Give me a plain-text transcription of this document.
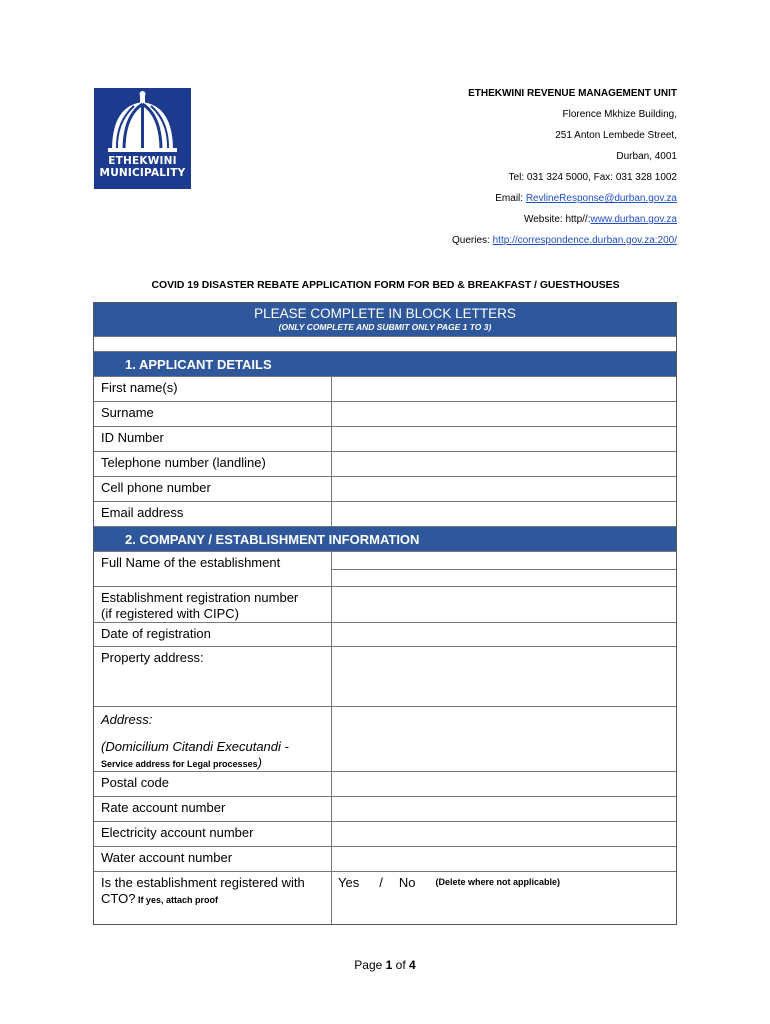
ETHEKWINI
MUNICIPALITY
ETHEKWINI REVENUE MANAGEMENT UNIT
Florence Mkhize Building,
251 Anton Lembede Street,
Durban, 4001
Tel: 031 324 5000, Fax: 031 328 1002
Email: RevlineResponse@durban.gov.za
Website: http//:www.durban.gov.za
Queries: http://correspondence.durban.gov.za:200/
COVID 19 DISASTER REBATE APPLICATION FORM FOR BED & BREAKFAST / GUESTHOUSES
PLEASE COMPLETE IN BLOCK LETTERS
(ONLY COMPLETE AND SUBMIT ONLY PAGE 1 TO 3)
1. APPLICANT DETAILS
First name(s)
Surname
ID Number
Telephone number (landline)
Cell phone number
Email address
2. COMPANY / ESTABLISHMENT INFORMATION
Full Name of the establishment
Establishment registration number
(if registered with CIPC)
Date of registration
Property address:
Address:
(Domicilium Citandi Executandi -
Service address for Legal processes)
Postal code
Rate account number
Electricity account number
Water account number
Is the establishment registered with
CTO? If yes, attach proof
Yes / No (Delete where not applicable)
Page 1 of 4
